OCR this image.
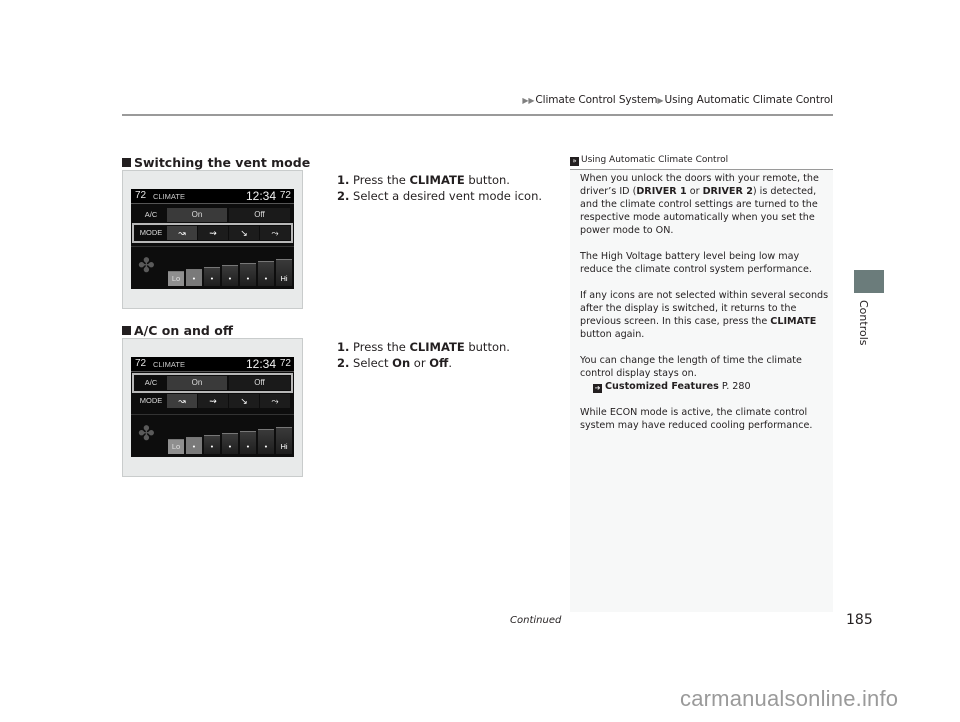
▶▶Climate Control System▶Using Automatic Climate Control
Switching the vent mode
1. Press the CLIMATE button.
2. Select a desired vent mode icon.
72 CLIMATE	12:34 72
A/C	On	Off
MODE	↝	⇝	↘	⤳
✤
Lo	•	•	•	•	•	Hi
A/C on and off
1. Press the CLIMATE button.
2. Select On or Off.
72 CLIMATE	12:34 72
A/C	On	Off
MODE	↝	⇝	↘	⤳
✤
Lo	•	•	•	•	•	Hi
» Using Automatic Climate Control

When you unlock the doors with your remote, the driver’s ID (DRIVER 1 or DRIVER 2) is detected, and the climate control settings are turned to the respective mode automatically when you set the power mode to ON.

The High Voltage battery level being low may reduce the climate control system performance.

If any icons are not selected within several seconds after the display is switched, it returns to the previous screen. In this case, press the CLIMATE button again.

You can change the length of time the climate control display stays on.

➔ Customized Features P. 280

While ECON mode is active, the climate control system may have reduced cooling performance.

Controls
Continued	185
carmanualsonline.info
